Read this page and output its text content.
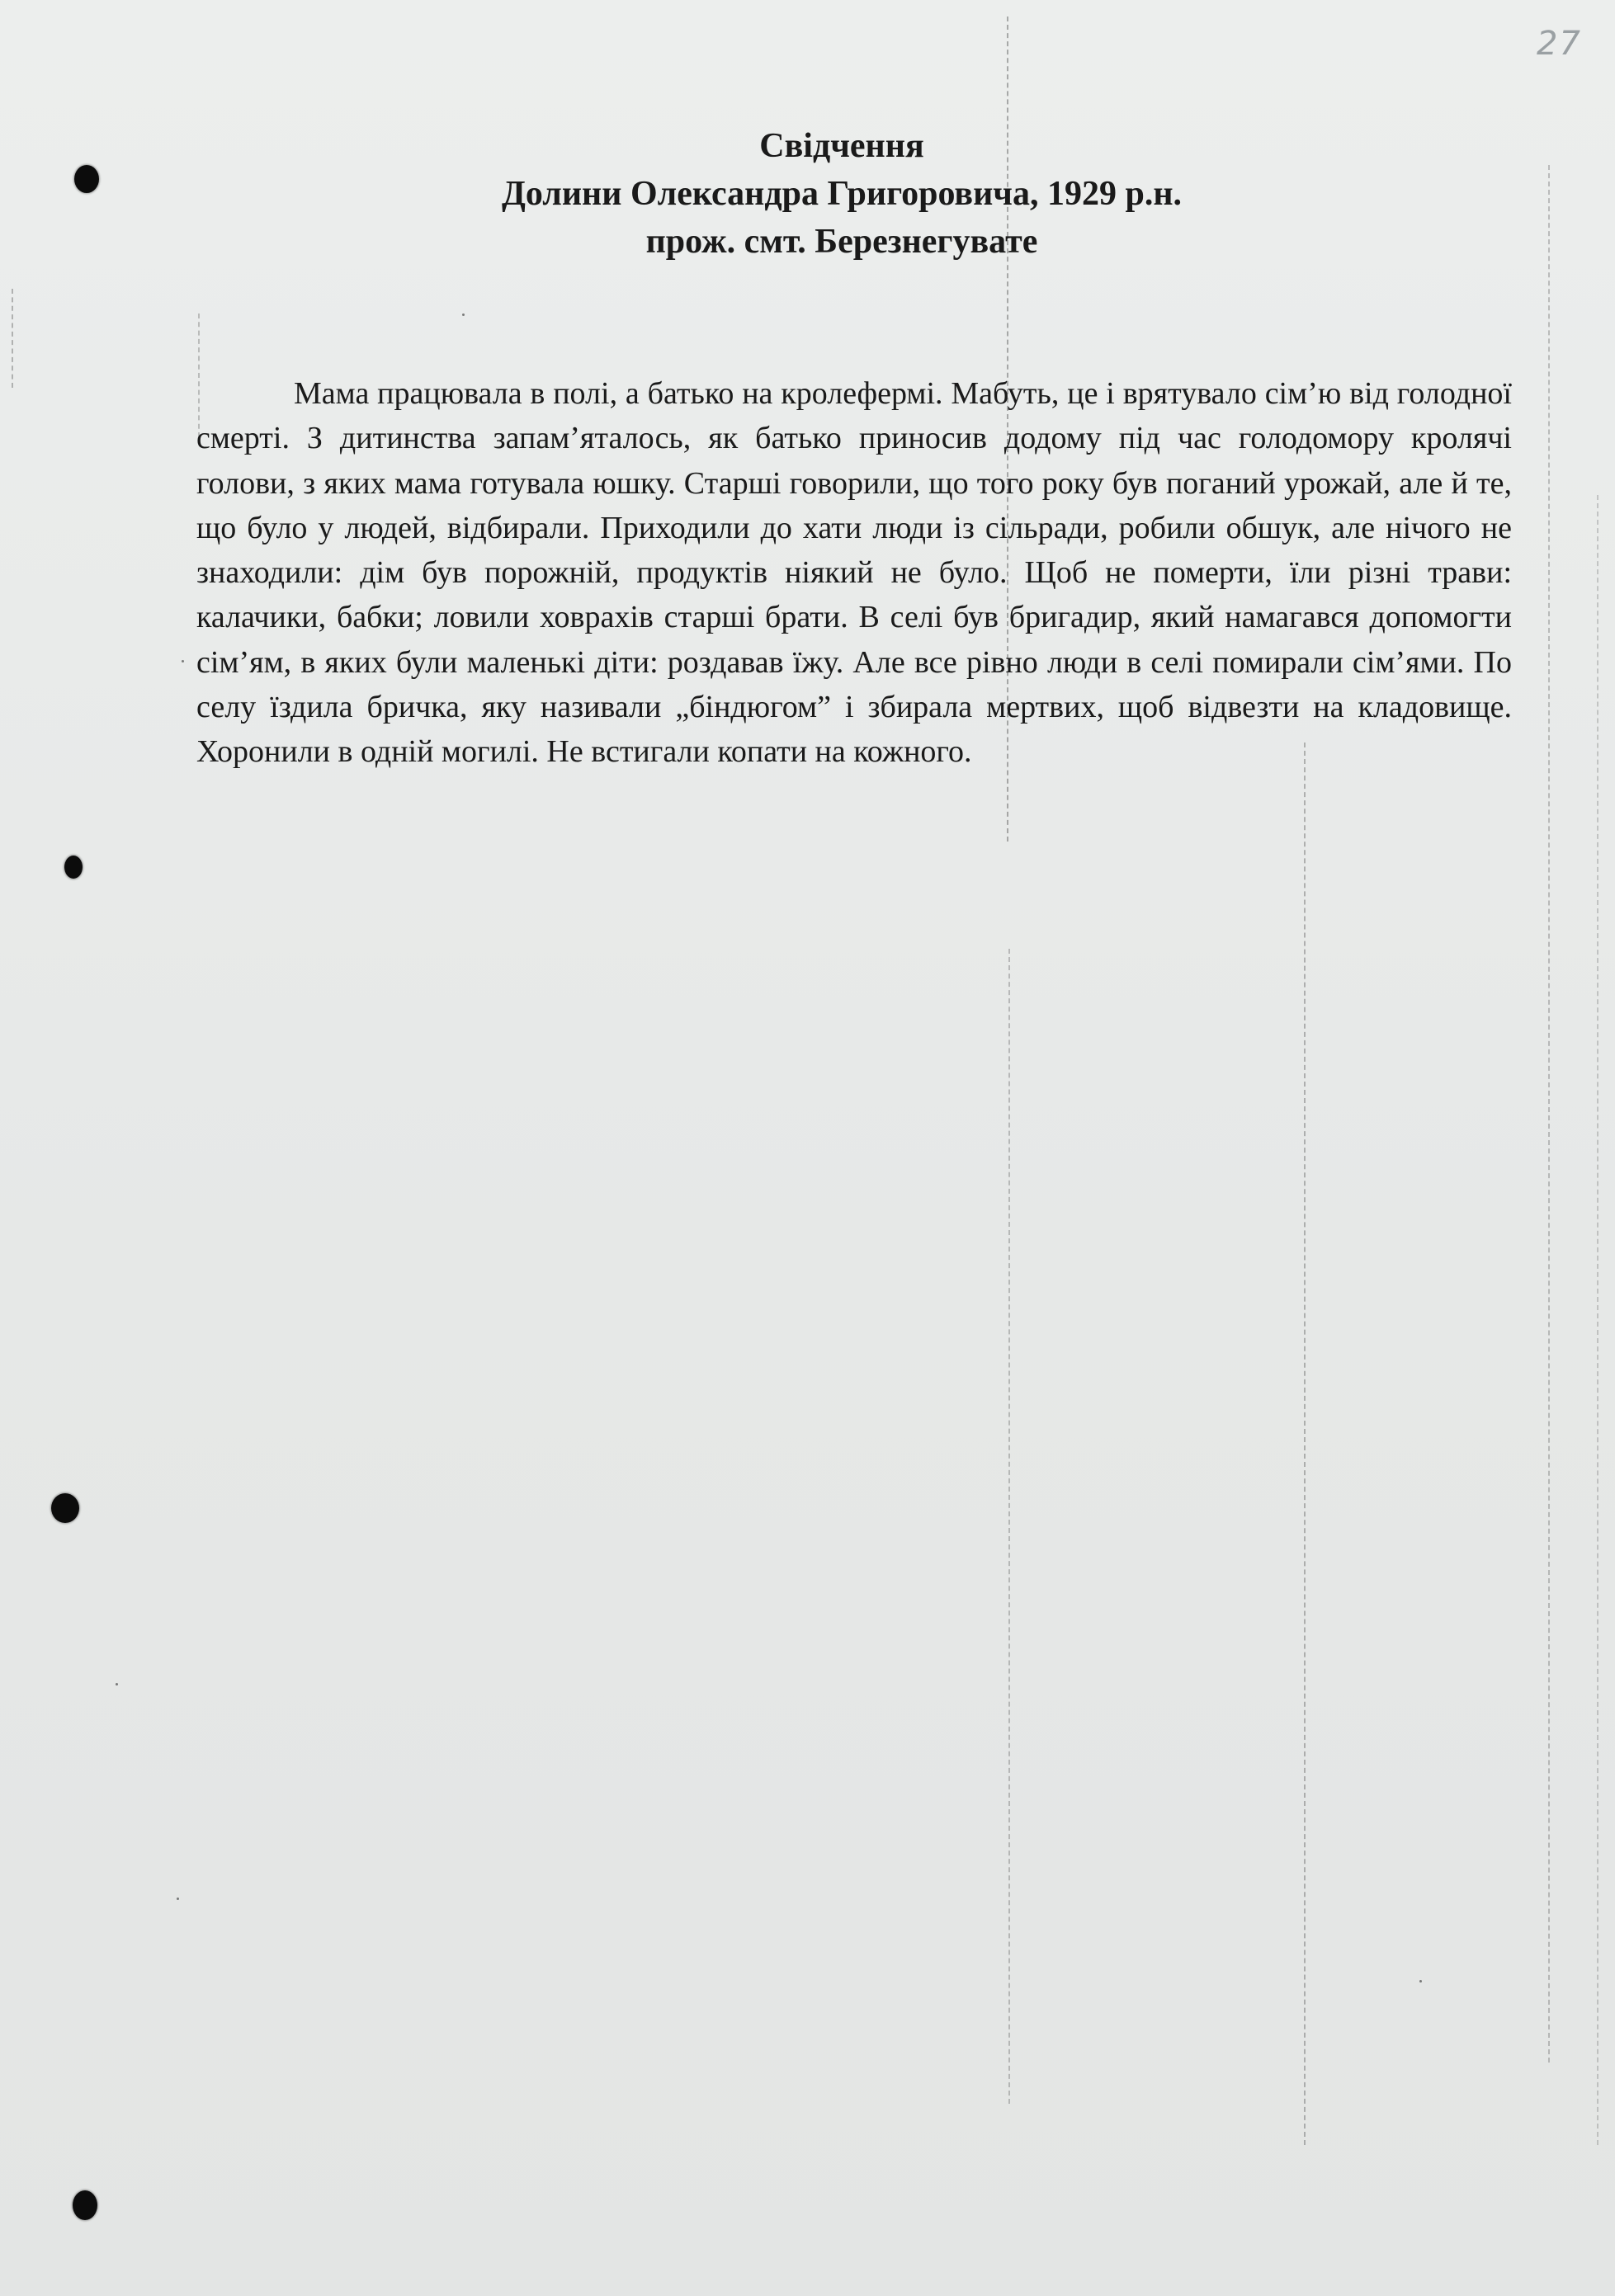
27
Свідчення
Долини Олександра Григоровича, 1929 р.н.
прож. смт. Березнегувате

Мама працювала в полі, а батько на кролефермі. Мабуть, це і врятувало сім’ю від голодної смерті. З дитинства запам’яталось, як батько приносив додому під час голодомору кролячі голови, з яких мама готувала юшку. Старші говорили, що того року був поганий урожай, але й те, що було у людей, відбирали. Приходили до хати люди із сільради, робили обшук, але нічого не знаходили: дім був порожній, продуктів ніякий не було. Щоб не померти, їли різні трави: калачики, бабки; ловили ховрахів старші брати. В селі був бригадир, який намагався допомогти сім’ям, в яких були маленькі діти: роздавав їжу. Але все рівно люди в селі помирали сім’ями. По селу їздила бричка, яку називали „біндюгом” і збирала мертвих, щоб відвезти на кладовище. Хоронили в одній могилі. Не встигали копати на кожного.
